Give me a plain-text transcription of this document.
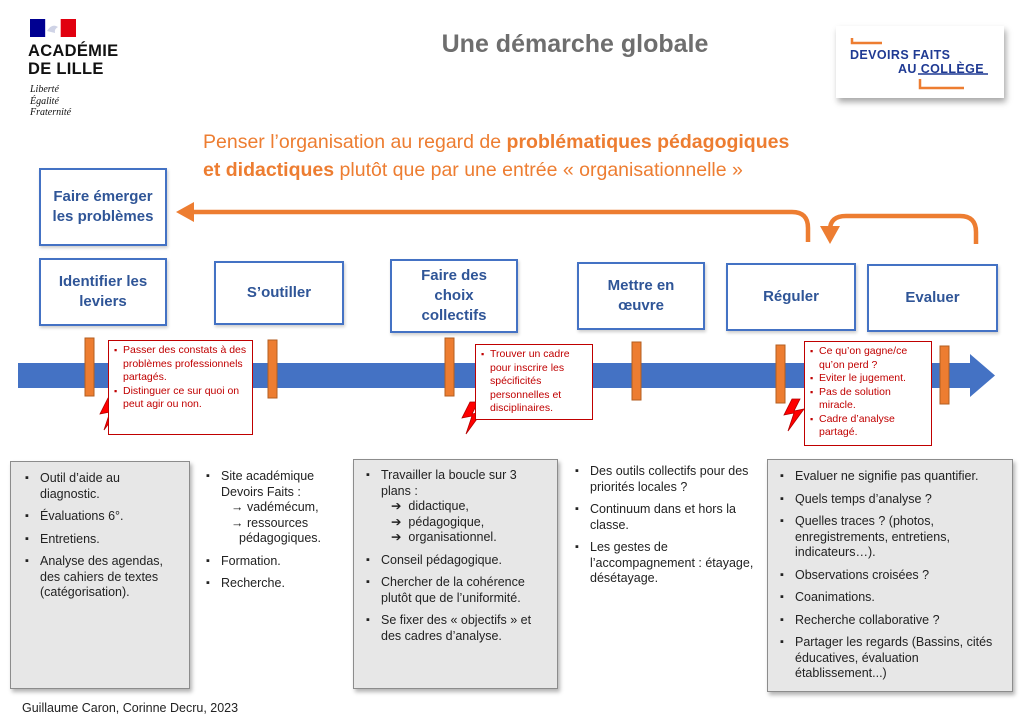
ACADÉMIE
DE LILLE
Liberté
Égalité
Fraternité
Une démarche globale	DEVOIRS FAITS
AU COLLÈGE
Penser l’organisation au regard de problématiques pédagogiques
et didactiques plutôt que par une entrée « organisationnelle »
Faire émerger les problèmes
Identifier les leviers
S’outiller
Faire des choix collectifs
Mettre en œuvre
Réguler	Evaluer
▪ Passer des constats à des problèmes professionnels partagés.
▪ Distinguer ce sur quoi on peut agir ou non.
▪ Trouver un cadre pour inscrire les spécificités personnelles et disciplinaires.
▪ Ce qu’on gagne/ce qu’on perd ?
▪ Eviter le jugement.
▪ Pas de solution miracle.
▪ Cadre d’analyse partagé.
▪ Outil d’aide au diagnostic.
▪ Évaluations 6°.
▪ Entretiens.
▪ Analyse des agendas, des cahiers de textes (catégorisation).
▪ Site académique Devoirs Faits :
→ vadémécum,
→ ressources
pédagogiques.
▪ Formation.
▪ Recherche.
▪ Travailler la boucle sur 3 plans :
➔  didactique,
➔  pédagogique,
➔  organisationnel.
▪ Conseil pédagogique.
▪ Chercher de la cohérence plutôt que de l’uniformité.
▪ Se fixer des « objectifs » et des cadres d’analyse.
▪ Des outils collectifs pour des priorités locales ?
▪ Continuum dans et hors la classe.
▪ Les gestes de l’accompagnement : étayage, désétayage.
▪ Evaluer ne signifie pas quantifier.
▪ Quels temps d’analyse ?
▪ Quelles traces ? (photos, enregistrements, entretiens, indicateurs…).
▪ Observations croisées ?
▪ Coanimations.
▪ Recherche collaborative ?
▪ Partager les regards (Bassins, cités éducatives, évaluation établissement...)
Guillaume Caron, Corinne Decru, 2023
